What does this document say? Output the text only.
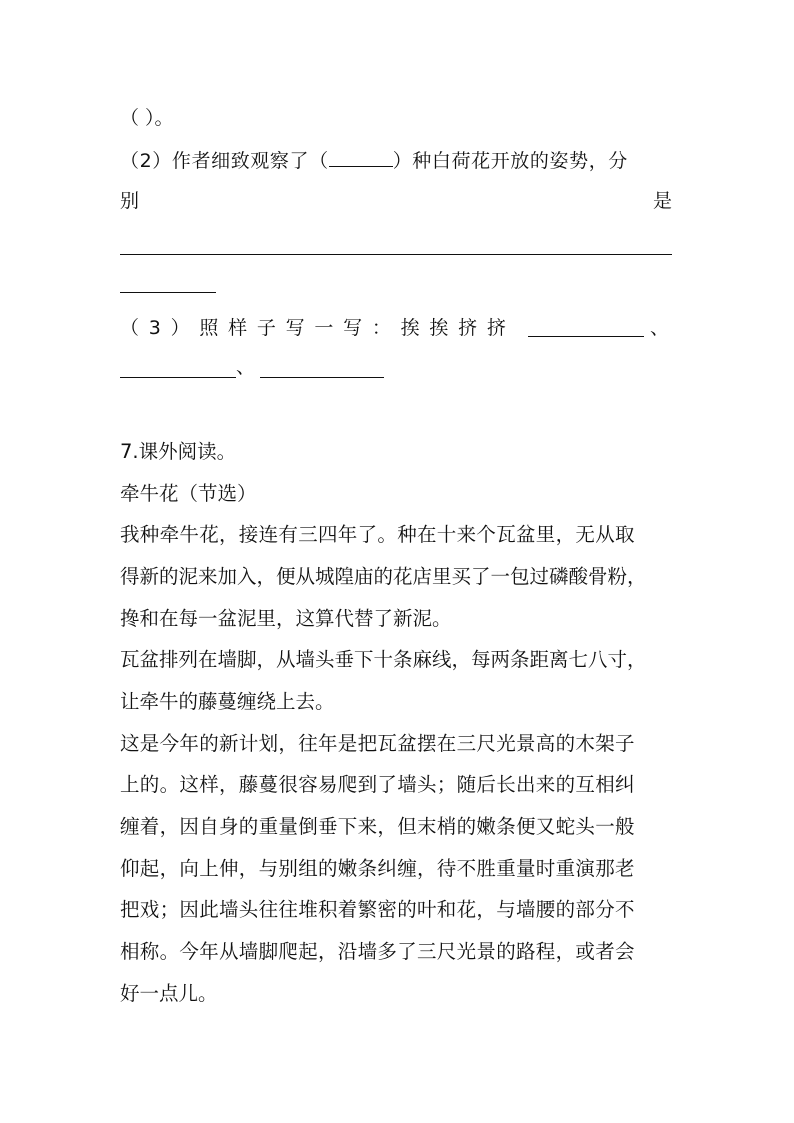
（ ）。
（2）作者细致观察了（	）种白荷花开放的姿势，分
别	是
（ 3 ） 照 样 子 写 一 写 ： 挨 挨 挤 挤	、
、
7.课外阅读。
牵牛花（节选）
我种牵牛花，接连有三四年了。种在十来个瓦盆里，无从取
得新的泥来加入，便从城隍庙的花店里买了一包过磷酸骨粉，
搀和在每一盆泥里，这算代替了新泥。
瓦盆排列在墙脚，从墙头垂下十条麻线，每两条距离七八寸，
让牵牛的藤蔓缠绕上去。
这是今年的新计划，往年是把瓦盆摆在三尺光景高的木架子
上的。这样，藤蔓很容易爬到了墙头；随后长出来的互相纠
缠着，因自身的重量倒垂下来，但末梢的嫩条便又蛇头一般
仰起，向上伸，与别组的嫩条纠缠，待不胜重量时重演那老
把戏；因此墙头往往堆积着繁密的叶和花，与墙腰的部分不
相称。今年从墙脚爬起，沿墙多了三尺光景的路程，或者会
好一点儿。
